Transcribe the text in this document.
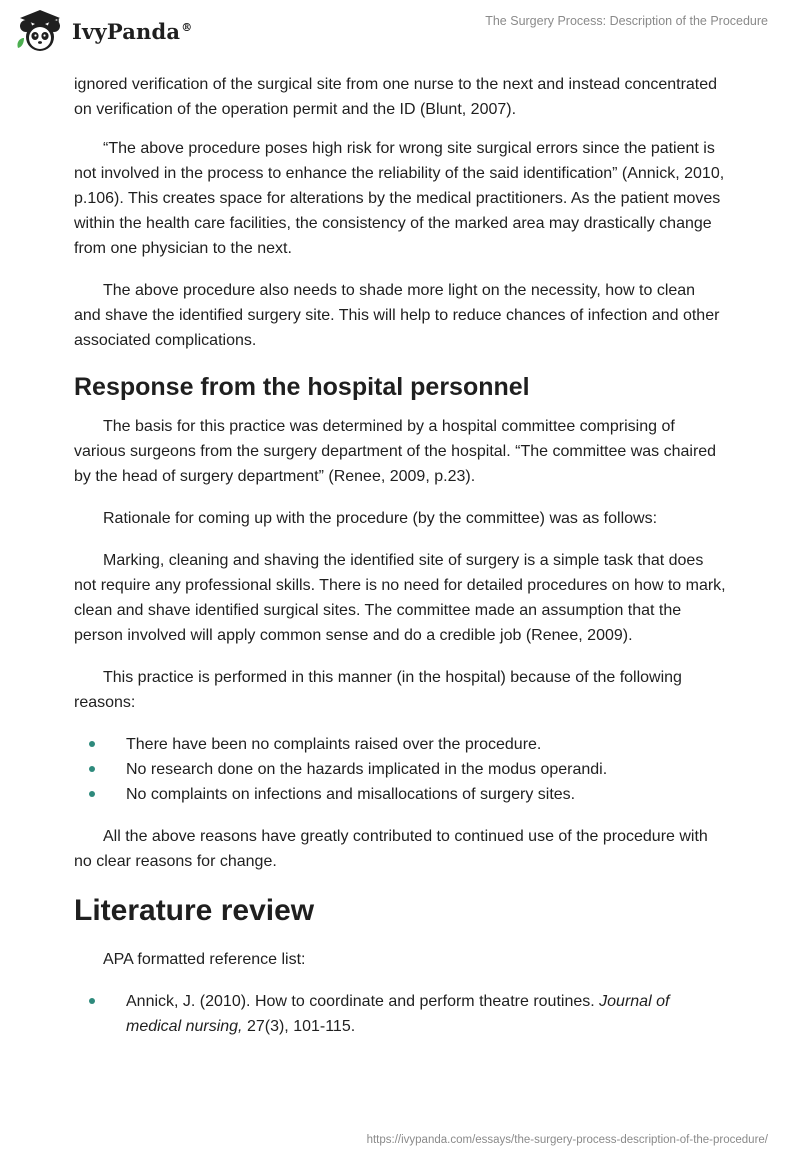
IvyPanda®	The Surgery Process: Description of the Procedure

ignored verification of the surgical site from one nurse to the next and instead concentrated on verification of the operation permit and the ID (Blunt, 2007).

“The above procedure poses high risk for wrong site surgical errors since the patient is not involved in the process to enhance the reliability of the said identification” (Annick, 2010, p.106). This creates space for alterations by the medical practitioners. As the patient moves within the health care facilities, the consistency of the marked area may drastically change from one physician to the next.

The above procedure also needs to shade more light on the necessity, how to clean and shave the identified surgery site. This will help to reduce chances of infection and other associated complications.

Response from the hospital personnel

The basis for this practice was determined by a hospital committee comprising of various surgeons from the surgery department of the hospital. “The committee was chaired by the head of surgery department” (Renee, 2009, p.23).

Rationale for coming up with the procedure (by the committee) was as follows:

Marking, cleaning and shaving the identified site of surgery is a simple task that does not require any professional skills. There is no need for detailed procedures on how to mark, clean and shave identified surgical sites. The committee made an assumption that the person involved will apply common sense and do a credible job (Renee, 2009).

This practice is performed in this manner (in the hospital) because of the following reasons:

There have been no complaints raised over the procedure.
No research done on the hazards implicated in the modus operandi.
No complaints on infections and misallocations of surgery sites.

All the above reasons have greatly contributed to continued use of the procedure with no clear reasons for change.

Literature review

APA formatted reference list:

Annick, J. (2010). How to coordinate and perform theatre routines. Journal of medical nursing, 27(3), 101-115.
https://ivypanda.com/essays/the-surgery-process-description-of-the-procedure/
